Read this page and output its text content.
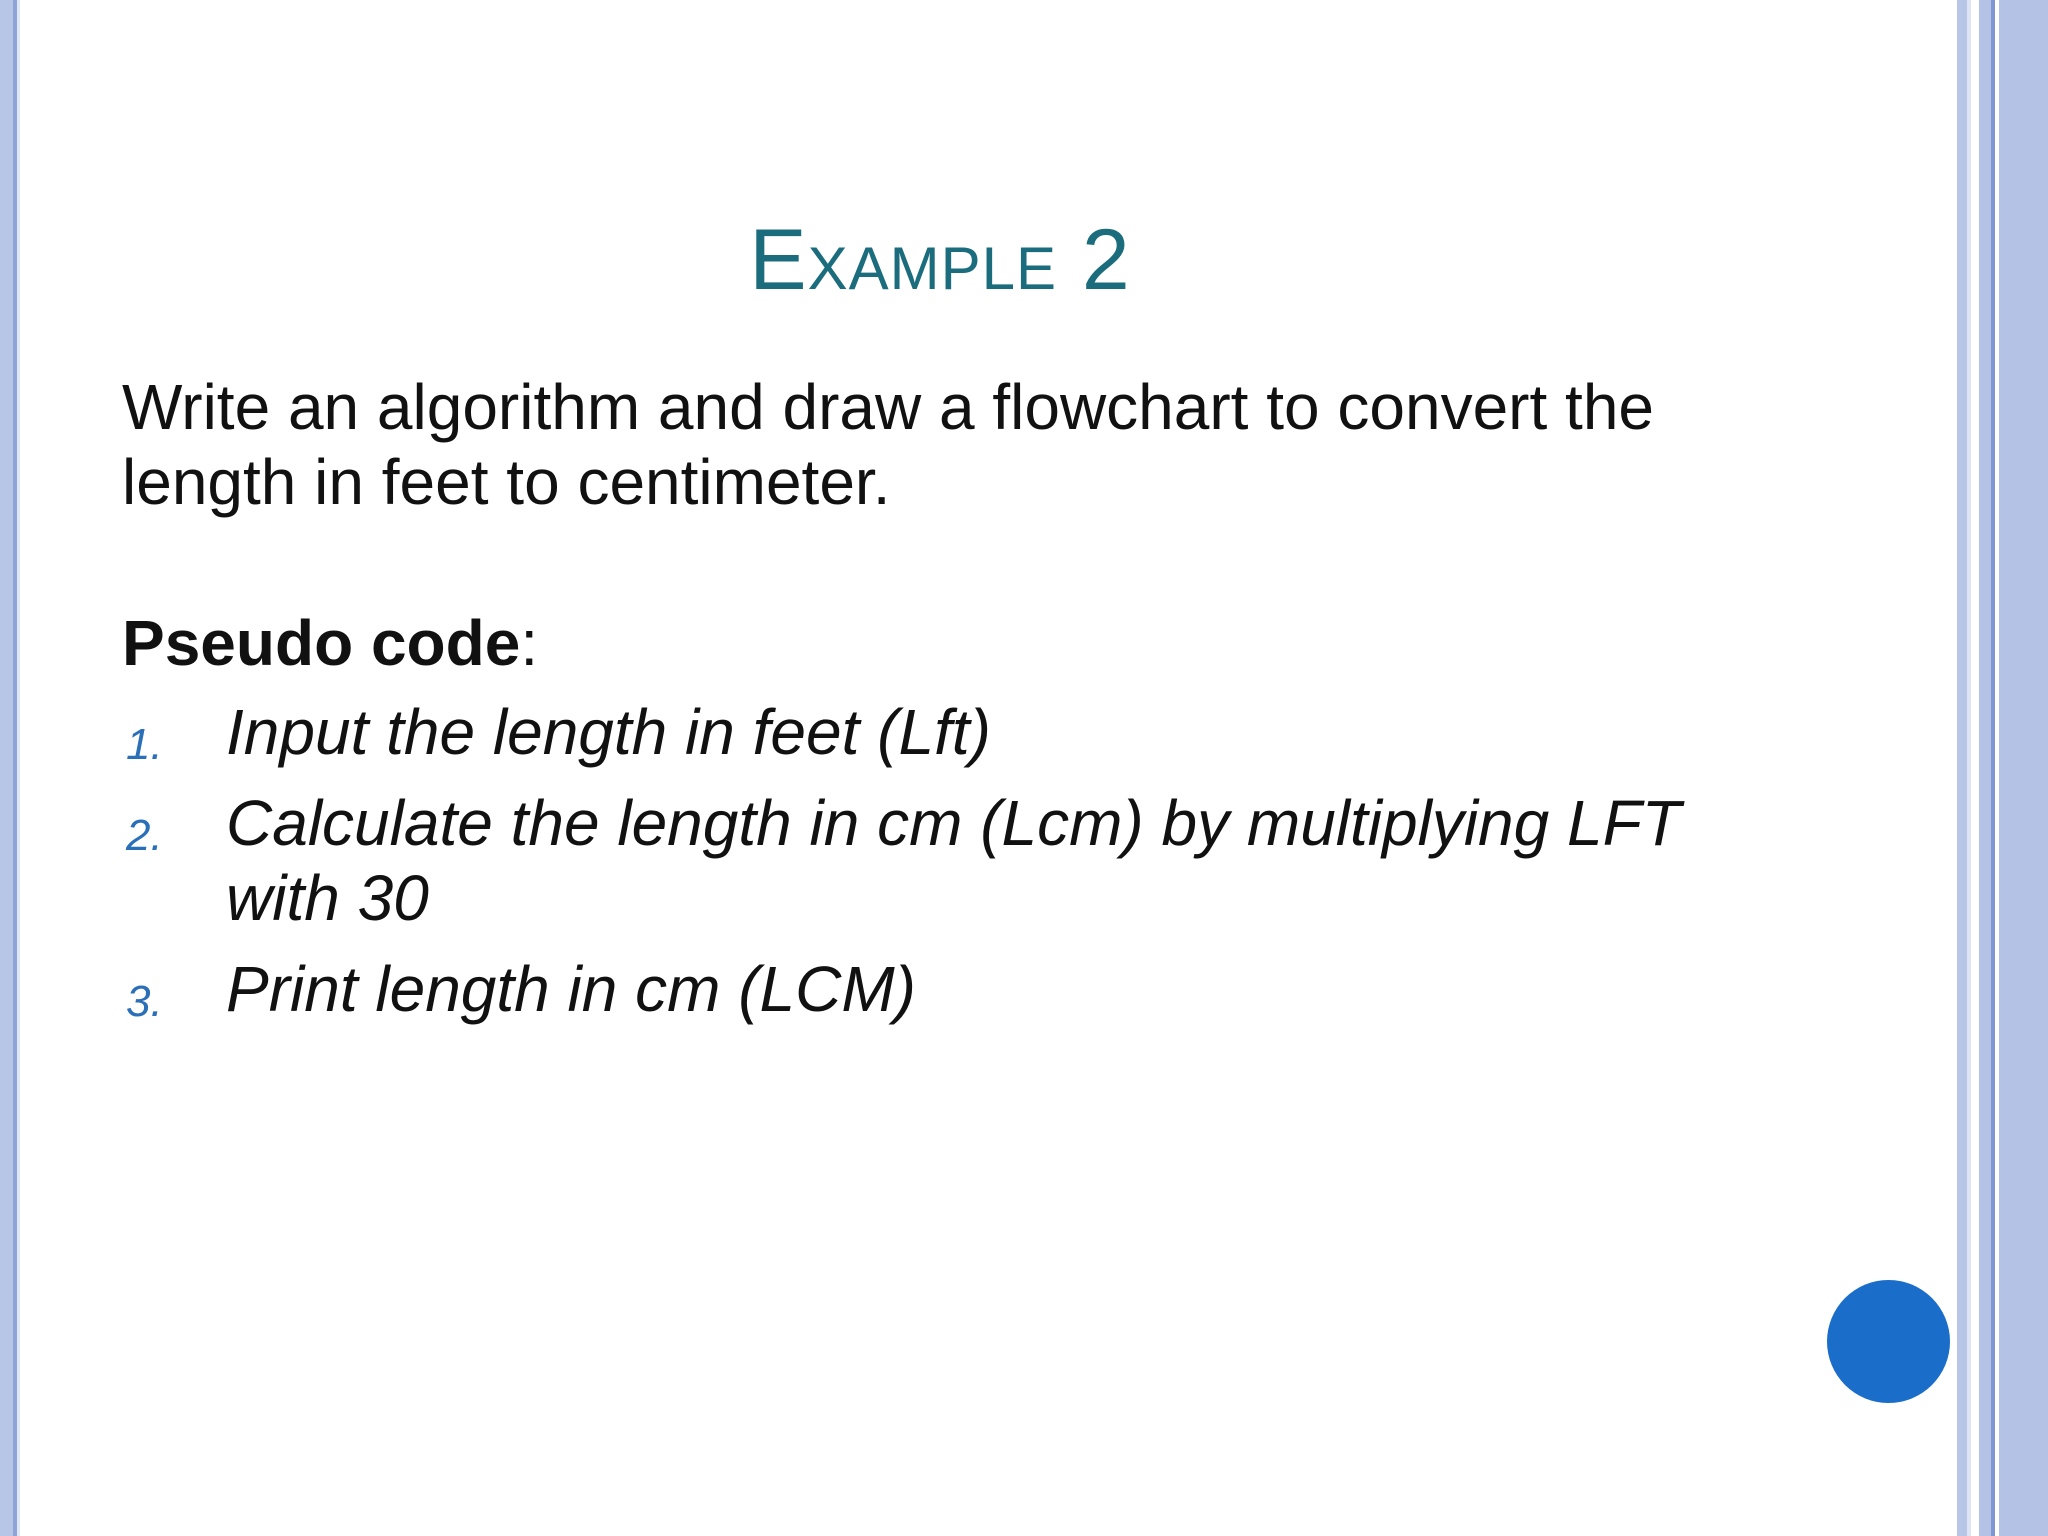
Example 2
Write an algorithm and draw a flowchart to convert the length in feet to centimeter.
Pseudo code:
1. Input the length in feet (Lft)
2. Calculate the length in cm (Lcm) by multiplying LFT with 30
3. Print length in cm (LCM)
